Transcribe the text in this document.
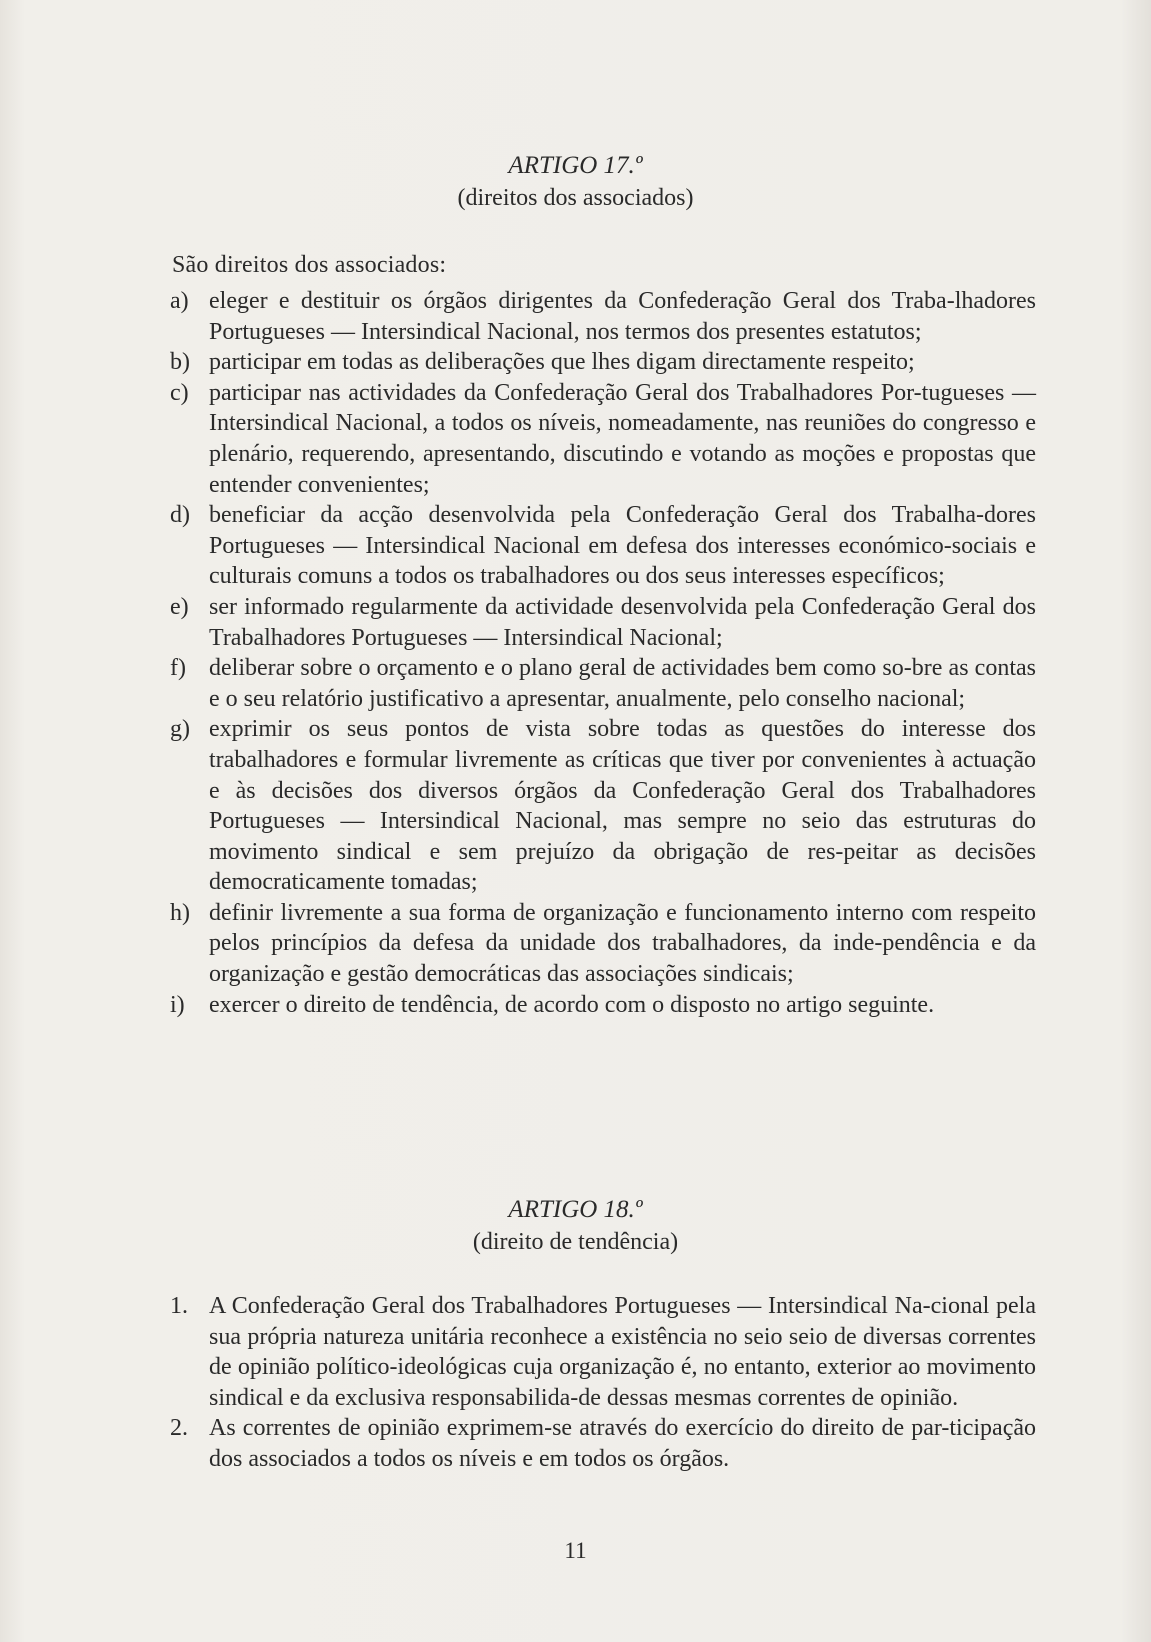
ARTIGO 17.º
(direitos dos associados)
São direitos dos associados:
a) eleger e destituir os órgãos dirigentes da Confederação Geral dos Traba-lhadores Portugueses — Intersindical Nacional, nos termos dos presentes estatutos;
b) participar em todas as deliberações que lhes digam directamente respeito;
c) participar nas actividades da Confederação Geral dos Trabalhadores Por-tugueses — Intersindical Nacional, a todos os níveis, nomeadamente, nas reuniões do congresso e plenário, requerendo, apresentando, discutindo e votando as moções e propostas que entender convenientes;
d) beneficiar da acção desenvolvida pela Confederação Geral dos Trabalha-dores Portugueses — Intersindical Nacional em defesa dos interesses económico-sociais e culturais comuns a todos os trabalhadores ou dos seus interesses específicos;
e) ser informado regularmente da actividade desenvolvida pela Confederação Geral dos Trabalhadores Portugueses — Intersindical Nacional;
f) deliberar sobre o orçamento e o plano geral de actividades bem como so-bre as contas e o seu relatório justificativo a apresentar, anualmente, pelo conselho nacional;
g) exprimir os seus pontos de vista sobre todas as questões do interesse dos trabalhadores e formular livremente as críticas que tiver por convenientes à actuação e às decisões dos diversos órgãos da Confederação Geral dos Trabalhadores Portugueses — Intersindical Nacional, mas sempre no seio das estruturas do movimento sindical e sem prejuízo da obrigação de res-peitar as decisões democraticamente tomadas;
h) definir livremente a sua forma de organização e funcionamento interno com respeito pelos princípios da defesa da unidade dos trabalhadores, da inde-pendência e da organização e gestão democráticas das associações sindicais;
i) exercer o direito de tendência, de acordo com o disposto no artigo seguinte.
ARTIGO 18.º
(direito de tendência)
1. A Confederação Geral dos Trabalhadores Portugueses — Intersindical Na-cional pela sua própria natureza unitária reconhece a existência no seio seio de diversas correntes de opinião político-ideológicas cuja organização é, no entanto, exterior ao movimento sindical e da exclusiva responsabilida-de dessas mesmas correntes de opinião.
2. As correntes de opinião exprimem-se através do exercício do direito de par-ticipação dos associados a todos os níveis e em todos os órgãos.
11
